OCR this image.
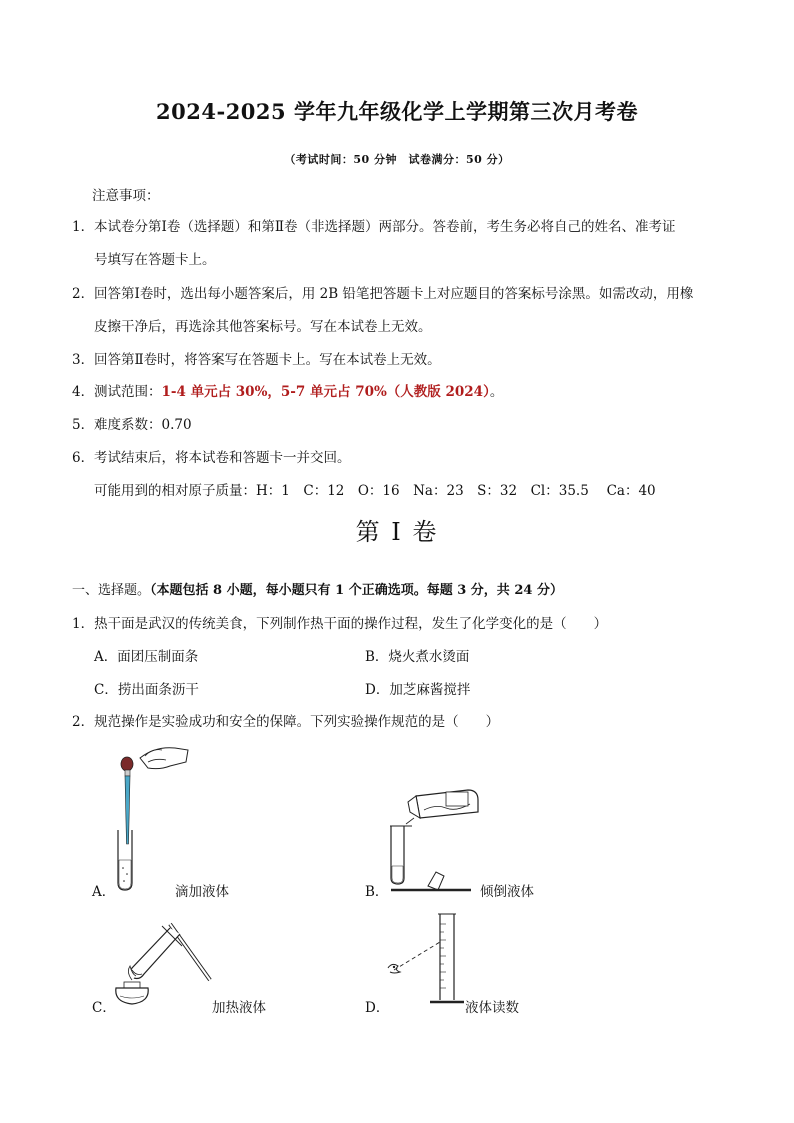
2024-2025 学年九年级化学上学期第三次月考卷
（考试时间：50 分钟　试卷满分：50 分）
注意事项：
1．本试卷分第Ⅰ卷（选择题）和第Ⅱ卷（非选择题）两部分。答卷前，考生务必将自己的姓名、准考证
号填写在答题卡上。
2．回答第Ⅰ卷时，选出每小题答案后，用 2B 铅笔把答题卡上对应题目的答案标号涂黑。如需改动，用橡
皮擦干净后，再选涂其他答案标号。写在本试卷上无效。
3．回答第Ⅱ卷时，将答案写在答题卡上。写在本试卷上无效。
4．测试范围：1-4 单元占 30%，5-7 单元占 70%（人教版 2024）。
5．难度系数：0.70
6．考试结束后，将本试卷和答题卡一并交回。
可能用到的相对原子质量：H：1　C：12　O：16　Na：23　S：32　Cl：35.5　 Ca：40
第 I 卷
一、选择题。（本题包括 8 小题，每小题只有 1 个正确选项。每题 3 分，共 24 分）
1．热干面是武汉的传统美食，下列制作热干面的操作过程，发生了化学变化的是（　　）
A．面团压制面条	B．烧火煮水烫面
C．捞出面条沥干	D．加芝麻酱搅拌
2．规范操作是实验成功和安全的保障。下列实验操作规范的是（　　）
A．	滴加液体	B．	倾倒液体
C．	加热液体	D．	液体读数
